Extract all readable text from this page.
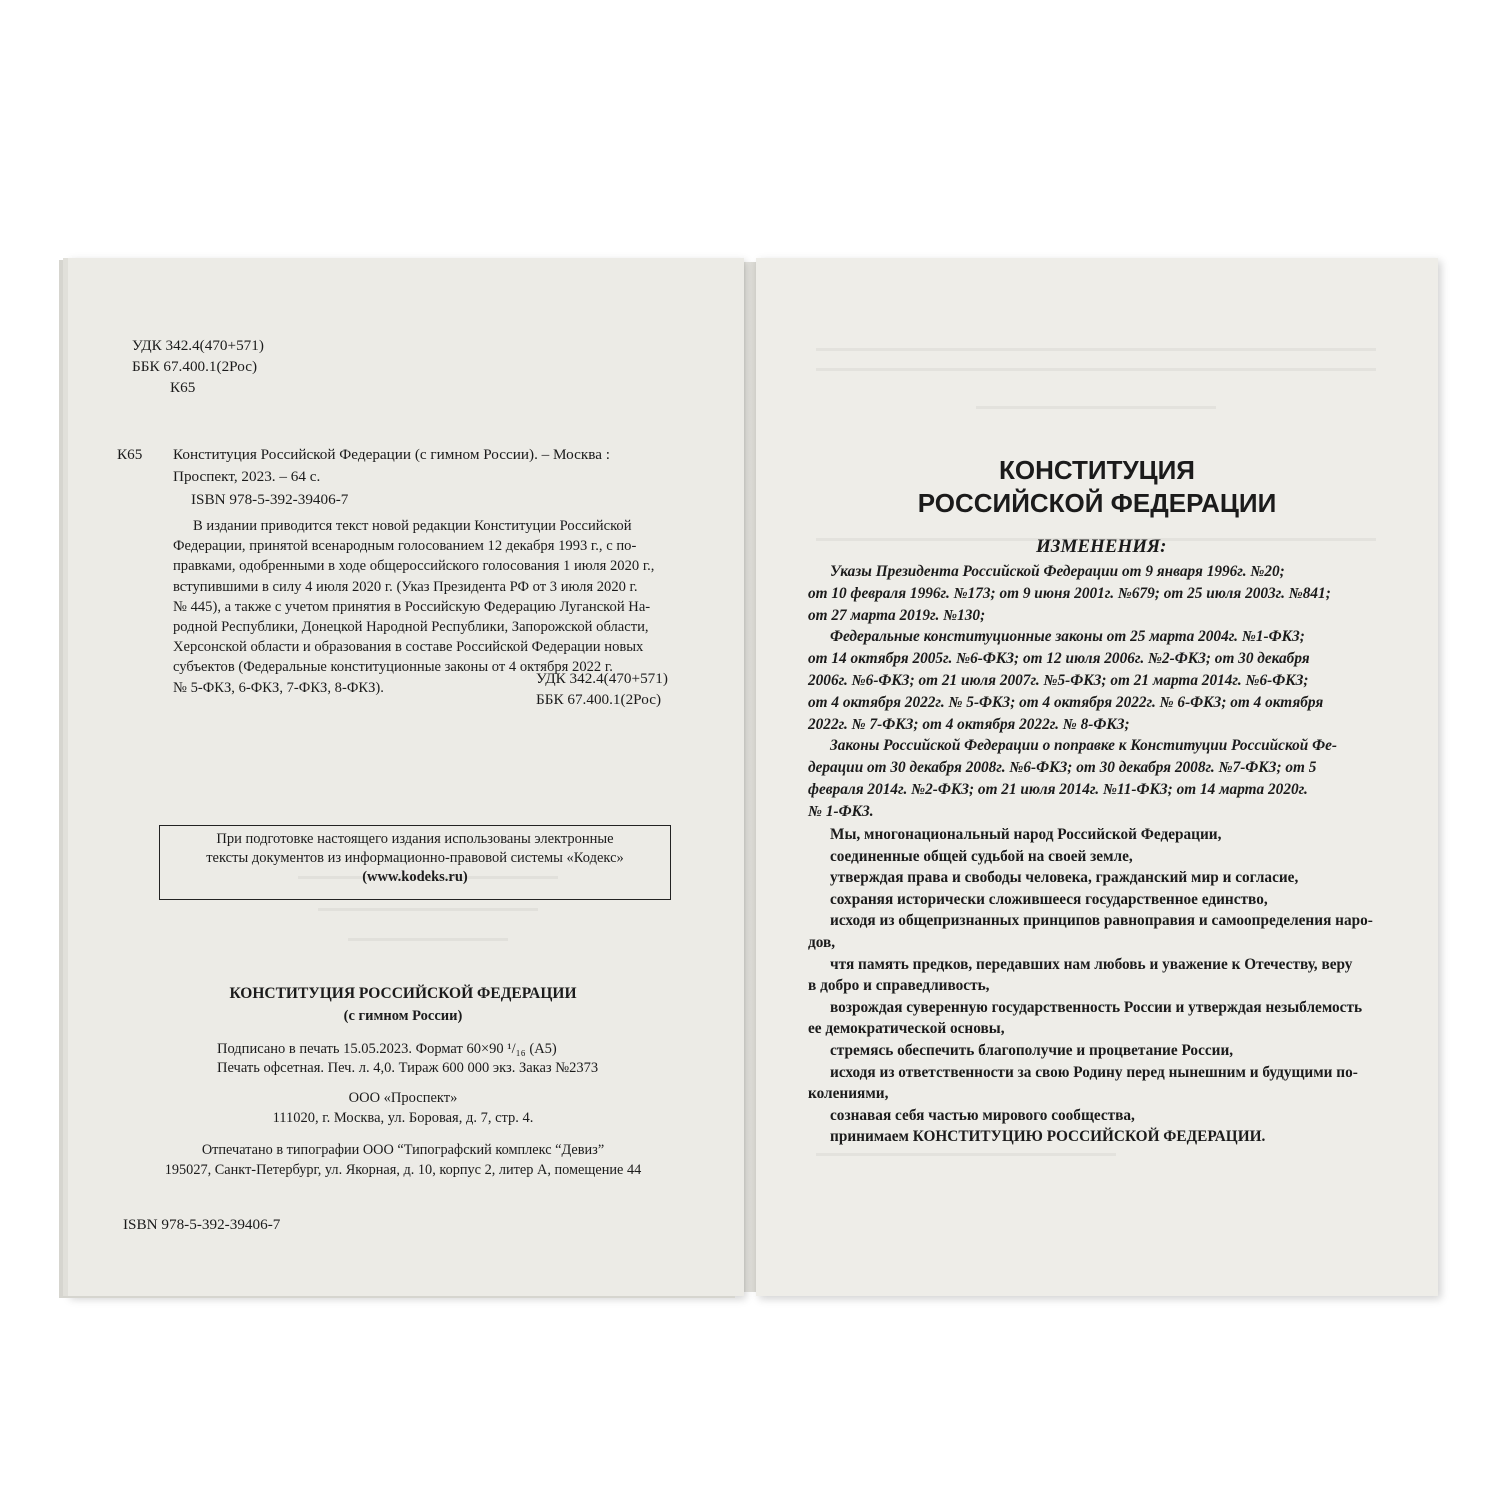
УДК 342.4(470+571)
ББК 67.400.1(2Рос)
К65
К65 Конституция Российской Федерации (с гимном России). – Москва :
Проспект, 2023. – 64 с.
ISBN 978-5-392-39406-7
В издании приводится текст новой редакции Конституции Российской
Федерации, принятой всенародным голосованием 12 декабря 1993 г., с по-
правками, одобренными в ходе общероссийского голосования 1 июля 2020 г.,
вступившими в силу 4 июля 2020 г. (Указ Президента РФ от 3 июля 2020 г.
№ 445), а также с учетом принятия в Российскую Федерацию Луганской На-
родной Республики, Донецкой Народной Республики, Запорожской области,
Херсонской области и образования в составе Российской Федерации новых
субъектов (Федеральные конституционные законы от 4 октября 2022 г.
№ 5-ФКЗ, 6-ФКЗ, 7-ФКЗ, 8-ФКЗ).
УДК 342.4(470+571)
ББК 67.400.1(2Рос)
При подготовке настоящего издания использованы электронные
тексты документов из информационно-правовой системы «Кодекс»
(www.kodeks.ru)
КОНСТИТУЦИЯ РОССИЙСКОЙ ФЕДЕРАЦИИ
(с гимном России)
Подписано в печать 15.05.2023. Формат 60×90 ¹/₁₆ (А5)
Печать офсетная. Печ. л. 4,0. Тираж 600 000 экз. Заказ №2373
ООО «Проспект»
111020, г. Москва, ул. Боровая, д. 7, стр. 4.
Отпечатано в типографии ООО “Типографский комплекс “Девиз”
195027, Санкт-Петербург, ул. Якорная, д. 10, корпус 2, литер А, помещение 44
ISBN 978-5-392-39406-7
КОНСТИТУЦИЯ
РОССИЙСКОЙ ФЕДЕРАЦИИ
ИЗМЕНЕНИЯ:
Указы Президента Российской Федерации от 9 января 1996г. №20;
от 10 февраля 1996г. №173; от 9 июня 2001г. №679; от 25 июля 2003г. №841;
от 27 марта 2019г. №130;
Федеральные конституционные законы от 25 марта 2004г. №1-ФКЗ;
от 14 октября 2005г. №6-ФКЗ; от 12 июля 2006г. №2-ФКЗ; от 30 декабря
2006г. №6-ФКЗ; от 21 июля 2007г. №5-ФКЗ; от 21 марта 2014г. №6-ФКЗ;
от 4 октября 2022г. № 5-ФКЗ; от 4 октября 2022г. № 6-ФКЗ; от 4 октября
2022г. № 7-ФКЗ; от 4 октября 2022г. № 8-ФКЗ;
Законы Российской Федерации о поправке к Конституции Российской Фе-
дерации от 30 декабря 2008г. №6-ФКЗ; от 30 декабря 2008г. №7-ФКЗ; от 5
февраля 2014г. №2-ФКЗ; от 21 июля 2014г. №11-ФКЗ; от 14 марта 2020г.
№ 1-ФКЗ.
Мы, многонациональный народ Российской Федерации,
соединенные общей судьбой на своей земле,
утверждая права и свободы человека, гражданский мир и согласие,
сохраняя исторически сложившееся государственное единство,
исходя из общепризнанных принципов равноправия и самоопределения наро-
дов,
чтя память предков, передавших нам любовь и уважение к Отечеству, веру
в добро и справедливость,
возрождая суверенную государственность России и утверждая незыблемость
ее демократической основы,
стремясь обеспечить благополучие и процветание России,
исходя из ответственности за свою Родину перед нынешним и будущими по-
колениями,
сознавая себя частью мирового сообщества,
принимаем КОНСТИТУЦИЮ РОССИЙСКОЙ ФЕДЕРАЦИИ.
